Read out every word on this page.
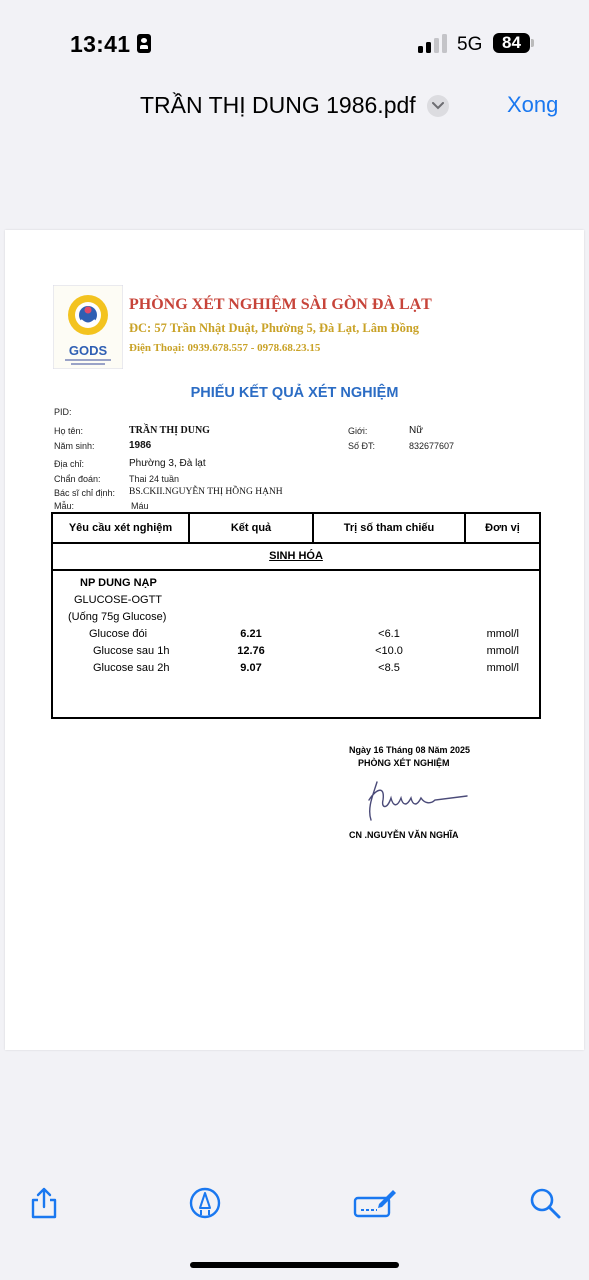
13:41	5G	84
TRẦN THỊ DUNG 1986.pdf	Xong
GODS
PHÒNG XÉT NGHIỆM SÀI GÒN ĐÀ LẠT
ĐC: 57 Trần Nhật Duật, Phường 5, Đà Lạt, Lâm Đồng
Điện Thoại: 0939.678.557 - 0978.68.23.15
PHIẾU KẾT QUẢ XÉT NGHIỆM
PID:
Họ tên:	TRẦN THỊ DUNG	Giới:	Nữ
Năm sinh:	1986	Số ĐT:	832677607
Địa chỉ:	Phường 3, Đà lạt
Chẩn đoán:	Thai 24 tuần
Bác sĩ chỉ định: BS.CKII.NGUYỄN THỊ HỒNG HẠNH
Mẫu:	Máu
Yêu cầu xét nghiệm	Kết quả	Trị số tham chiếu	Đơn vị
SINH HÓA
NP DUNG NẠP
GLUCOSE-OGTT
(Uống 75g Glucose)
Glucose đói	6.21	<6.1	mmol/l
Glucose sau 1h	12.76	<10.0	mmol/l
Glucose sau 2h	9.07	<8.5	mmol/l
Ngày 16 Tháng 08 Năm 2025
PHÒNG XÉT NGHIỆM
CN .NGUYỄN VĂN NGHĨA
